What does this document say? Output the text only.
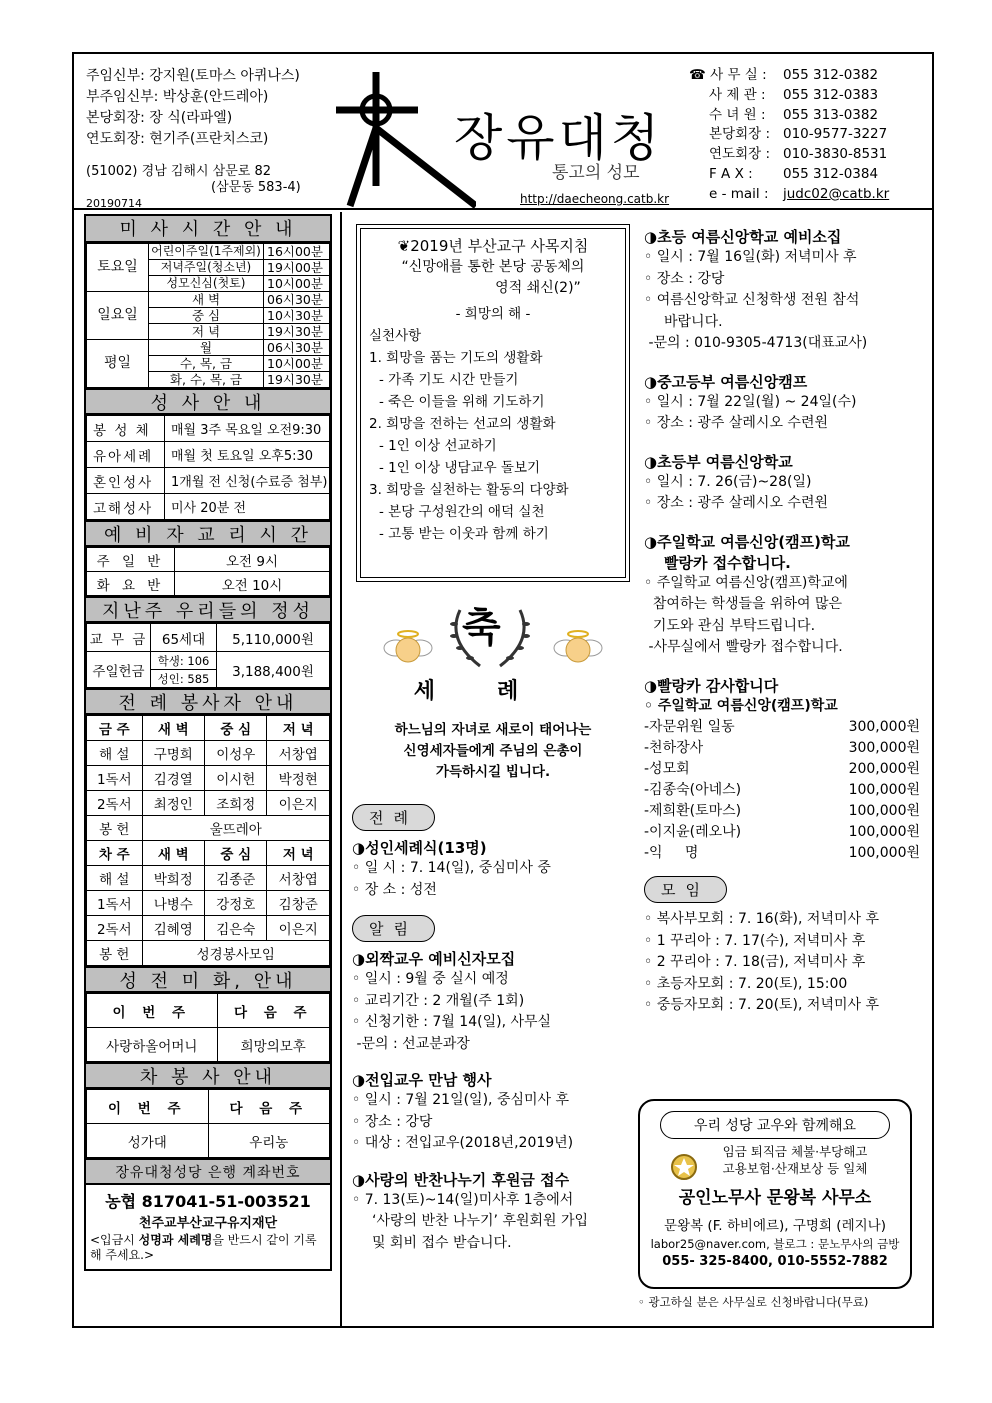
주임신부: 강지원(토마스 아퀴나스)
부주임신부: 박상훈(안드레아)
본당회장: 장 식(라파엘)
연도회장: 현기주(프란치스코)
(51002) 경남 김해시 삼문로 82
(삼문동 583-4)
20190714
장유대청
통고의 성모
http://daecheong.catb.kr
☎ 사 무 실 :	055 312-0382
사 제 관 :	055 312-0383
수 녀 원 :	055 313-0382
본당회장 : 010-9577-3227
연도회장 : 010-3830-8531
F A X :	055 312-0384
e - mail :	judc02@catb.kr
미 사 시 간 안 내
토요일	어린이주일(1주제외)	16시00분
	저녁주일(청소년)	19시00분
	성모신심(첫토)	10시00분
일요일	새 벽	06시30분
	중 심	10시30분
	저 녁	19시30분
평일	월	06시30분
	수, 목, 금	10시00분
	화, 수, 목, 금	19시30분
성 사 안 내
봉 성 체	매월 3주 목요일 오전9:30
유아세례	매월 첫 토요일 오후5:30
혼인성사	1개월 전 신청(수료증 첨부)
고해성사	미사 20분 전
예 비 자 교 리 시 간
주 일 반	오전 9시
화 요 반	오전 10시
지난주 우리들의 정성
교 무 금	65세대	5,110,000원
주일헌금	학생: 106	3,188,400원
	성인: 585	
전 례 봉사자 안내
금 주	새 벽	중 심	저 녁
해 설	구명희	이성우	서창엽
1독서	김경열	이시헌	박정현
2독서	최정인	조희정	이은지
봉 헌	울뜨레아		
차 주	새 벽	중 심	저 녁
해 설	박희정	김종준	서창엽
1독서	나병수	강정호	김창준
2독서	김혜영	김은숙	이은지
봉 헌	성경봉사모임		
성 전 미 화, 안내
이 번 주	다 음 주
사랑하올어머니	희망의모후
차 봉 사 안내
이 번 주	다 음 주
성가대	우리농
장유대청성당 은행 계좌번호
농협 817041-51-003521
천주교부산교구유지재단
<입금시 성명과 세례명을 반드시 같이 기록해 주세요.>
❦2019년 부산교구 사목지침
“신망애를 통한 본당 공동체의
영적 쇄신(2)”
- 희망의 해 -
실천사항
1. 희망을 품는 기도의 생활화
- 가족 기도 시간 만들기
- 죽은 이들을 위해 기도하기
2. 희망을 전하는 선교의 생활화
- 1인 이상 선교하기
- 1인 이상 냉담교우 돌보기
3. 희망을 실천하는 활동의 다양화
- 본당 구성원간의 애덕 실천
- 고통 받는 이웃과 함께 하기
축
세례
하느님의 자녀로 새로이 태어나는
신영세자들에게 주님의 은총이
가득하시길 빕니다.
전례
◑성인세례식(13명)
◦ 일 시 : 7. 14(일), 중심미사 중
◦ 장 소 : 성전
알림
◑외짝교우 예비신자모집
◦ 일시 : 9월 중 실시 예정
◦ 교리기간 : 2 개월(주 1회)
◦ 신청기한 : 7월 14(일), 사무실
-문의 : 선교분과장
◑전입교우 만남 행사
◦ 일시 : 7월 21일(일), 중심미사 후
◦ 장소 : 강당
◦ 대상 : 전입교우(2018년,2019년)
◑사랑의 반찬나누기 후원금 접수
◦ 7. 13(토)~14(일)미사후 1층에서
‘사랑의 반찬 나누기’ 후원회원 가입
및 회비 접수 받습니다.
◑초등 여름신앙학교 예비소집
◦ 일시 : 7월 16일(화) 저녁미사 후
◦ 장소 : 강당
◦ 여름신앙학교 신청학생 전원 참석
바랍니다.
-문의 : 010-9305-4713(대표교사)
◑중고등부 여름신앙캠프
◦ 일시 : 7월 22일(월) ~ 24일(수)
◦ 장소 : 광주 살레시오 수련원
◑초등부 여름신앙학교
◦ 일시 : 7. 26(금)~28(일)
◦ 장소 : 광주 살레시오 수련원
◑주일학교 여름신앙(캠프)학교
빨랑카 접수합니다.
◦ 주일학교 여름신앙(캠프)학교에
참여하는 학생들을 위하여 많은
기도와 관심 부탁드립니다.
-사무실에서 빨랑카 접수합니다.
◑빨랑카 감사합니다
◦ 주일학교 여름신앙(캠프)학교
-자문위원 일동	300,000원
-천하장사	300,000원
-성모회	200,000원
-김종숙(아네스)	100,000원
-제희환(토마스)	100,000원
-이지윤(레오나)	100,000원
-익     명	100,000원
모임
◦ 복사부모회 : 7. 16(화), 저녁미사 후
◦ 1 꾸리아 : 7. 17(수), 저녁미사 후
◦ 2 꾸리아 : 7. 18(금), 저녁미사 후
◦ 초등자모회 : 7. 20(토), 15:00
◦ 중등자모회 : 7. 20(토), 저녁미사 후
우리 성당 교우와 함께해요
임금 퇴직금 체불·부당해고
고용보험·산재보상 등 일체
공인노무사 문왕복 사무소
문왕복 (F. 하비에르), 구명희 (레지나)
labor25@naver.com, 블로그 : 문노무사의 금방
055- 325-8400, 010-5552-7882
◦ 광고하실 분은 사무실로 신청바랍니다(무료)
